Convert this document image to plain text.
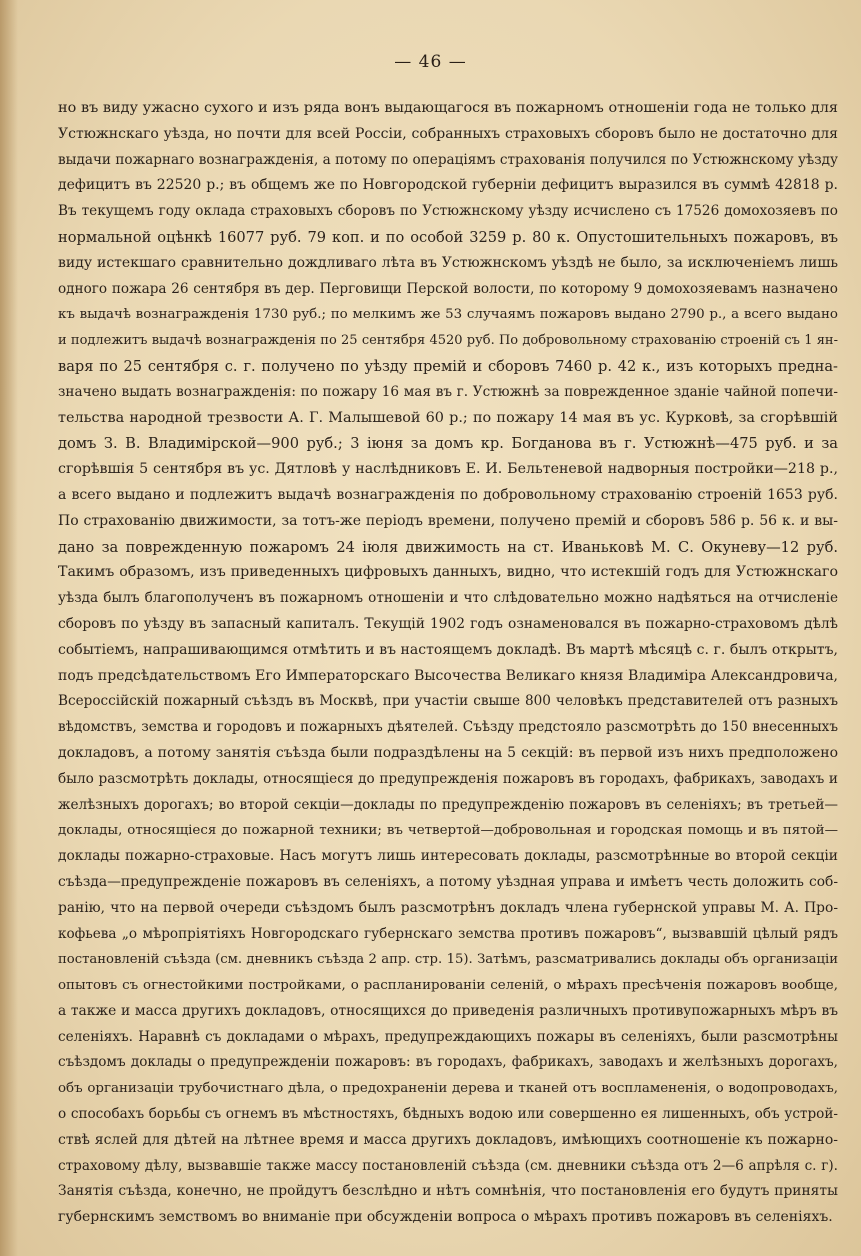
— 46 —
но въ виду ужасно сухого и изъ ряда вонъ выдающагося въ пожарномъ отношеніи года не только для
Устюжнскаго уѣзда, но почти для всей Россіи, собранныхъ страховыхъ сборовъ было не достаточно для
выдачи пожарнаго вознагражденія, а потому по операціямъ страхованія получился по Устюжнскому уѣзду
дефицитъ въ 22520 р.; въ общемъ же по Новгородской губерніи дефицитъ выразился въ суммѣ 42818 р.
Въ текущемъ году оклада страховыхъ сборовъ по Устюжнскому уѣзду исчислено съ 17526 домохозяевъ по
нормальной оцѣнкѣ 16077 руб. 79 коп. и по особой 3259 р. 80 к. Опустошительныхъ пожаровъ, въ
виду истекшаго сравнительно дождливаго лѣта въ Устюжнскомъ уѣздѣ не было, за исключеніемъ лишь
одного пожара 26 сентября въ дер. Перговищи Перской волости, по которому 9 домохозяевамъ назначено
къ выдачѣ вознагражденія 1730 руб.; по мелкимъ же 53 случаямъ пожаровъ выдано 2790 р., а всего выдано
и подлежитъ выдачѣ вознагражденія по 25 сентября 4520 руб. По добровольному страхованію строеній съ 1 ян-
варя по 25 сентября с. г. получено по уѣзду премій и сборовъ 7460 р. 42 к., изъ которыхъ предна-
значено выдать вознагражденія: по пожару 16 мая въ г. Устюжнѣ за поврежденное зданіе чайной попечи-
тельства народной трезвости А. Г. Малышевой 60 р.; по пожару 14 мая въ ус. Курковѣ, за сгорѣвшій
домъ З. В. Владимірской—900 руб.; 3 іюня за домъ кр. Богданова въ г. Устюжнѣ—475 руб. и за
сгорѣвшія 5 сентября въ ус. Дятловѣ у наслѣдниковъ Е. И. Бельтеневой надворныя постройки—218 р.,
а всего выдано и подлежитъ выдачѣ вознагражденія по добровольному страхованію строеній 1653 руб.
По страхованію движимости, за тотъ-же періодъ времени, получено премій и сборовъ 586 р. 56 к. и вы-
дано за поврежденную пожаромъ 24 іюля движимость на ст. Иваньковѣ М. С. Окуневу—12 руб.
Такимъ образомъ, изъ приведенныхъ цифровыхъ данныхъ, видно, что истекшій годъ для Устюжнскаго
уѣзда былъ благополученъ въ пожарномъ отношеніи и что слѣдовательно можно надѣяться на отчисленіе
сборовъ по уѣзду въ запасный капиталъ. Текущій 1902 годъ ознаменовался въ пожарно-страховомъ дѣлѣ
событіемъ, напрашивающимся отмѣтить и въ настоящемъ докладѣ. Въ мартѣ мѣсяцѣ с. г. былъ открытъ,
подъ предсѣдательствомъ Его Императорскаго Высочества Великаго князя Владиміра Александровича,
Всероссійскій пожарный съѣздъ въ Москвѣ, при участіи свыше 800 человѣкъ представителей отъ разныхъ
вѣдомствъ, земства и городовъ и пожарныхъ дѣятелей. Съѣзду предстояло разсмотрѣть до 150 внесенныхъ
докладовъ, а потому занятія съѣзда были подраздѣлены на 5 секцій: въ первой изъ нихъ предположено
было разсмотрѣть доклады, относящіеся до предупрежденія пожаровъ въ городахъ, фабрикахъ, заводахъ и
желѣзныхъ дорогахъ; во второй секціи—доклады по предупрежденію пожаровъ въ селеніяхъ; въ третьей—
доклады, относящіеся до пожарной техники; въ четвертой—добровольная и городская помощь и въ пятой—
доклады пожарно-страховые. Насъ могутъ лишь интересовать доклады, разсмотрѣнные во второй секціи
съѣзда—предупрежденіе пожаровъ въ селеніяхъ, а потому уѣздная управа и имѣетъ честь доложить соб-
ранію, что на первой очереди съѣздомъ былъ разсмотрѣнъ докладъ члена губернской управы М. А. Про-
кофьева „о мѣропріятіяхъ Новгородскаго губернскаго земства противъ пожаровъ“, вызвавшій цѣлый рядъ
постановленій съѣзда (см. дневникъ съѣзда 2 апр. стр. 15). Затѣмъ, разсматривались доклады объ организаціи
опытовъ съ огнестойкими постройками, о распланированіи селеній, о мѣрахъ пресѣченія пожаровъ вообще,
а также и масса другихъ докладовъ, относящихся до приведенія различныхъ противупожарныхъ мѣръ въ
селеніяхъ. Наравнѣ съ докладами о мѣрахъ, предупреждающихъ пожары въ селеніяхъ, были разсмотрѣны
съѣздомъ доклады о предупрежденіи пожаровъ: въ городахъ, фабрикахъ, заводахъ и желѣзныхъ дорогахъ,
объ организаціи трубочистнаго дѣла, о предохраненіи дерева и тканей отъ воспламененія, о водопроводахъ,
о способахъ борьбы съ огнемъ въ мѣстностяхъ, бѣдныхъ водою или совершенно ея лишенныхъ, объ устрой-
ствѣ яслей для дѣтей на лѣтнее время и масса другихъ докладовъ, имѣющихъ соотношеніе къ пожарно-
страховому дѣлу, вызвавшіе также массу постановленій съѣзда (см. дневники съѣзда отъ 2—6 апрѣля с. г).
Занятія съѣзда, конечно, не пройдутъ безслѣдно и нѣтъ сомнѣнія, что постановленія его будутъ приняты
губернскимъ земствомъ во вниманіе при обсужденіи вопроса о мѣрахъ противъ пожаровъ въ селеніяхъ.
